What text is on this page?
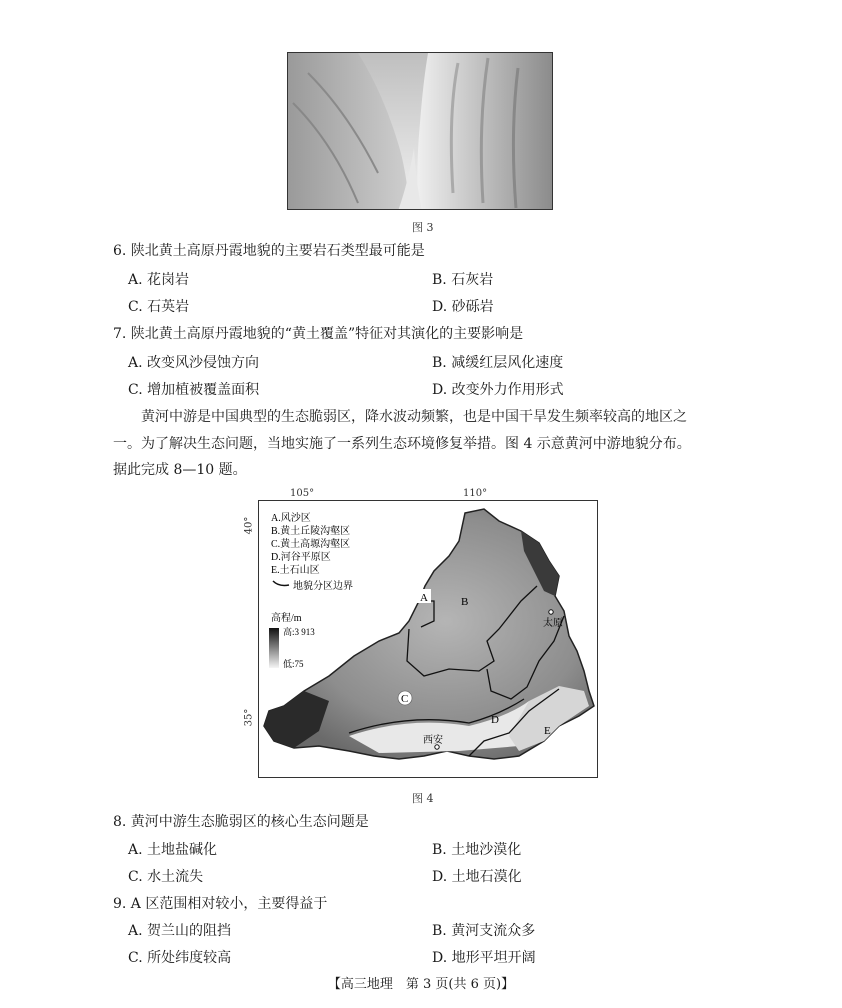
图 3
6. 陕北黄土高原丹霞地貌的主要岩石类型最可能是
A. 花岗岩	B. 石灰岩
C. 石英岩	D. 砂砾岩
7. 陕北黄土高原丹霞地貌的“黄土覆盖”特征对其演化的主要影响是
A. 改变风沙侵蚀方向	B. 减缓红层风化速度
C. 增加植被覆盖面积	D. 改变外力作用形式
黄河中游是中国典型的生态脆弱区，降水波动频繁，也是中国干旱发生频率较高的地区之
一。为了解决生态问题，当地实施了一系列生态环境修复举措。图 4 示意黄河中游地貌分布。
据此完成 8—10 题。
A.风沙区
B.黄土丘陵沟壑区
C.黄土高塬沟壑区
D.河谷平原区
E.土石山区
地貌分区边界
高程/m
高:3 913
低:75
A	B
C
D
E
太原
西安
105°	110°
40°
35°
图 4
8. 黄河中游生态脆弱区的核心生态问题是
A. 土地盐碱化	B. 土地沙漠化
C. 水土流失	D. 土地石漠化
9. A 区范围相对较小，主要得益于
A. 贺兰山的阻挡	B. 黄河支流众多
C. 所处纬度较高	D. 地形平坦开阔
【高三地理　第 3 页(共 6 页)】
